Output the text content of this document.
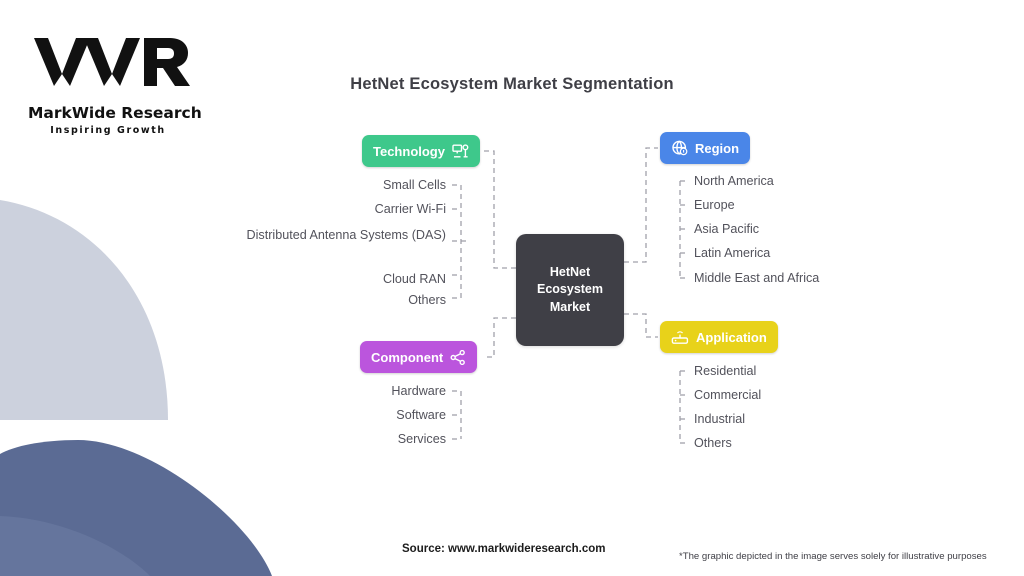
MarkWide Research
Inspiring Growth
HetNet Ecosystem Market Segmentation
HetNet Ecosystem Market
Technology
Small Cells
Carrier Wi-Fi
Distributed Antenna Systems (DAS)
Cloud RAN
Others
Component
Hardware
Software
Services
Region
North America
Europe
Asia Pacific
Latin America
Middle East and Africa
Application
Residential
Commercial
Industrial
Others
Source: www.markwideresearch.com
*The graphic depicted in the image serves solely for illustrative purposes
